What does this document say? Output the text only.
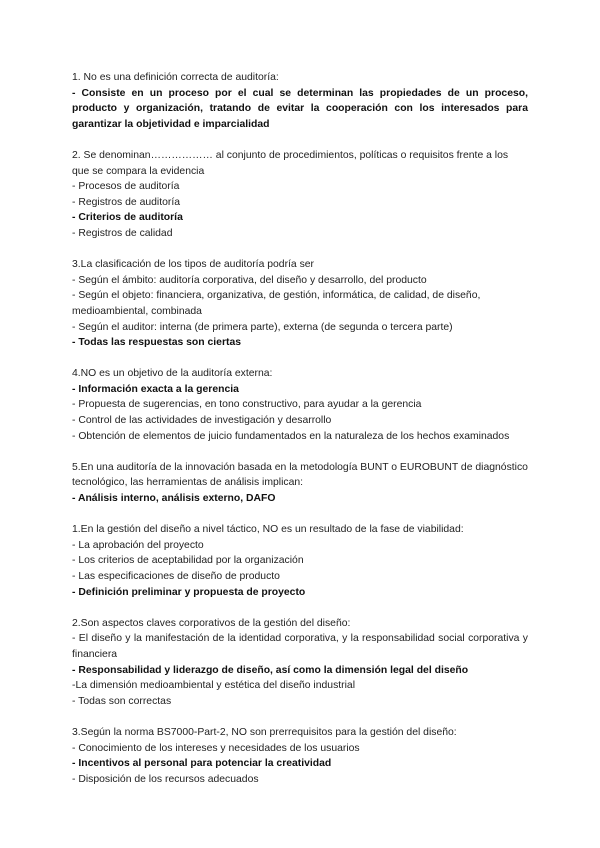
1. No es una definición correcta de auditoría:
- Consiste en un proceso por el cual se determinan las propiedades de un proceso, producto y organización, tratando de evitar la cooperación con los interesados para garantizar la objetividad e imparcialidad
2. Se denominan……………… al conjunto de procedimientos, políticas o requisitos frente a los que se compara la evidencia
- Procesos de auditoría
- Registros de auditoría
- Criterios de auditoría
- Registros de calidad
3.La clasificación de los tipos de auditoría podría ser
- Según el ámbito: auditoría corporativa, del diseño y desarrollo, del producto
- Según el objeto: financiera, organizativa, de gestión, informática, de calidad, de diseño, medioambiental, combinada
- Según el auditor: interna (de primera parte), externa (de segunda o tercera parte)
- Todas las respuestas son ciertas
4.NO es un objetivo de la auditoría externa:
- Información exacta a la gerencia
- Propuesta de sugerencias, en tono constructivo, para ayudar a la gerencia
- Control de las actividades de investigación y desarrollo
- Obtención de elementos de juicio fundamentados en la naturaleza de los hechos examinados
5.En una auditoría de la innovación basada en la metodología BUNT o EUROBUNT de diagnóstico tecnológico, las herramientas de análisis implican:
- Análisis interno, análisis externo, DAFO
1.En la gestión del diseño a nivel táctico, NO es un resultado de la fase de viabilidad:
- La aprobación del proyecto
- Los criterios de aceptabilidad por la organización
- Las especificaciones de diseño de producto
- Definición preliminar y propuesta de proyecto
2.Son aspectos claves corporativos de la gestión del diseño:
- El diseño y la manifestación de la identidad corporativa, y la responsabilidad social corporativa y financiera
- Responsabilidad y liderazgo de diseño, así como la dimensión legal del diseño
-La dimensión medioambiental y estética del diseño industrial
- Todas son correctas
3.Según la norma BS7000-Part-2, NO son prerrequisitos para la gestión del diseño:
- Conocimiento de los intereses y necesidades de los usuarios
- Incentivos al personal para potenciar la creatividad
- Disposición de los recursos adecuados
